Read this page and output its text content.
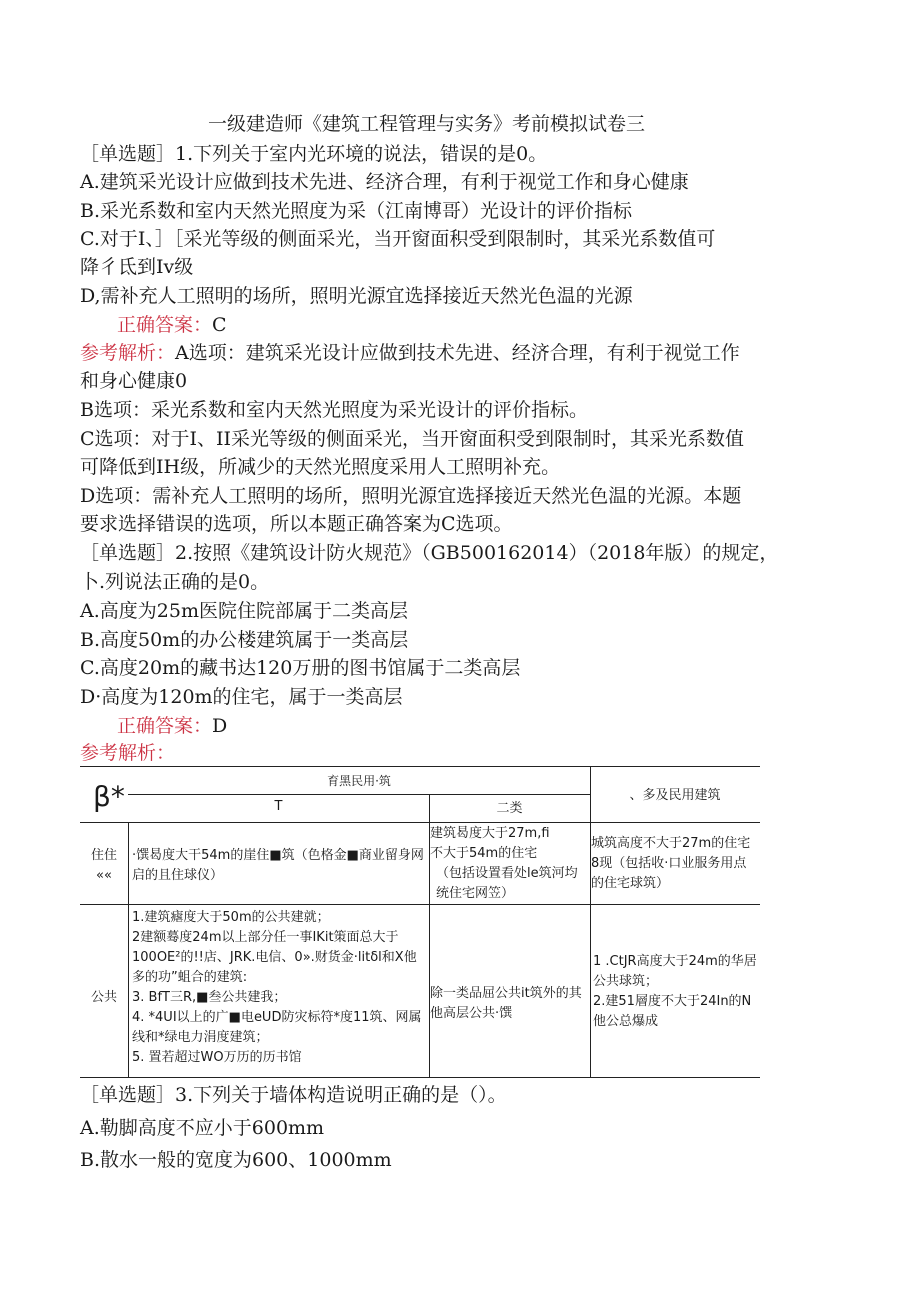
一级建造师《建筑工程管理与实务》考前模拟试卷三
［单选题］1.下列关于室内光环境的说法，错误的是0。
A.建筑采光设计应做到技术先进、经济合理，有利于视觉工作和身心健康
B.采光系数和室内天然光照度为采（江南博哥）光设计的评价指标
C.对于I、］［采光等级的侧面采光，当开窗面积受到限制时，其采光系数值可
降彳氐到Iv级
D,需补充人工照明的场所，照明光源宜选择接近天然光色温的光源
正确答案：C
参考解析：A选项：建筑采光设计应做到技术先进、经济合理，有利于视觉工作
和身心健康0
B选项：采光系数和室内天然光照度为采光设计的评价指标。
C选项：对于I、II采光等级的侧面采光，当开窗面积受到限制时，其采光系数值
可降低到IH级，所减少的天然光照度采用人工照明补充。
D选项：需补充人工照明的场所，照明光源宜选择接近天然光色温的光源。本题
要求选择错误的选项，所以本题正确答案为C选项。
［单选题］2.按照《建筑设计防火规范》（GB500162014）（2018年版）的规定，
卜.列说法正确的是0。
A.高度为25m医院住院部属于二类高层
B.高度50m的办公楼建筑属于一类高层
C.高度20m的藏书达120万册的图书馆属于二类高层
D·高度为120m的住宅，属于一类高层
正确答案：D
参考解析：
β*	育黑民用·筑
T	二类
、多及民用建筑
住住
««
·馔曷度大干54m的崖住■筑（色格金■商业留身网启的且住球仪）
建筑曷度大于27m,fi
不大于54m的住宅
（包括设置看处le筑河均
统住宅网笠）
城筑高度不大于27m的住宅8现（包括收·口业服务用点的住宅球筑）
公共
1.建筑瘧度大于50m的公共建就；
2建额蓦度24m以上部分任一事IKit策面总大于100OE²的!!店、JRK.电信、0».财货金·litδl和X他多的功”蛆合的建筑:
3. BfT三R,■叁公共建我；
4. *4UI以上的广■电eUD防灾标符*度11筑、网属线和*绿电力涓度建筑；
5. 置若超过WO万历的历书馆
除一类品屈公共it筑外的其他高层公共·馔
1 .CtJR高度大于24m的华居公共球筑；
2.建51層度不大于24In的N他公总爆成
［单选题］3.下列关于墙体构造说明正确的是（）。
A.勒脚高度不应小于600mm
B.散水一般的宽度为600、1000mm
